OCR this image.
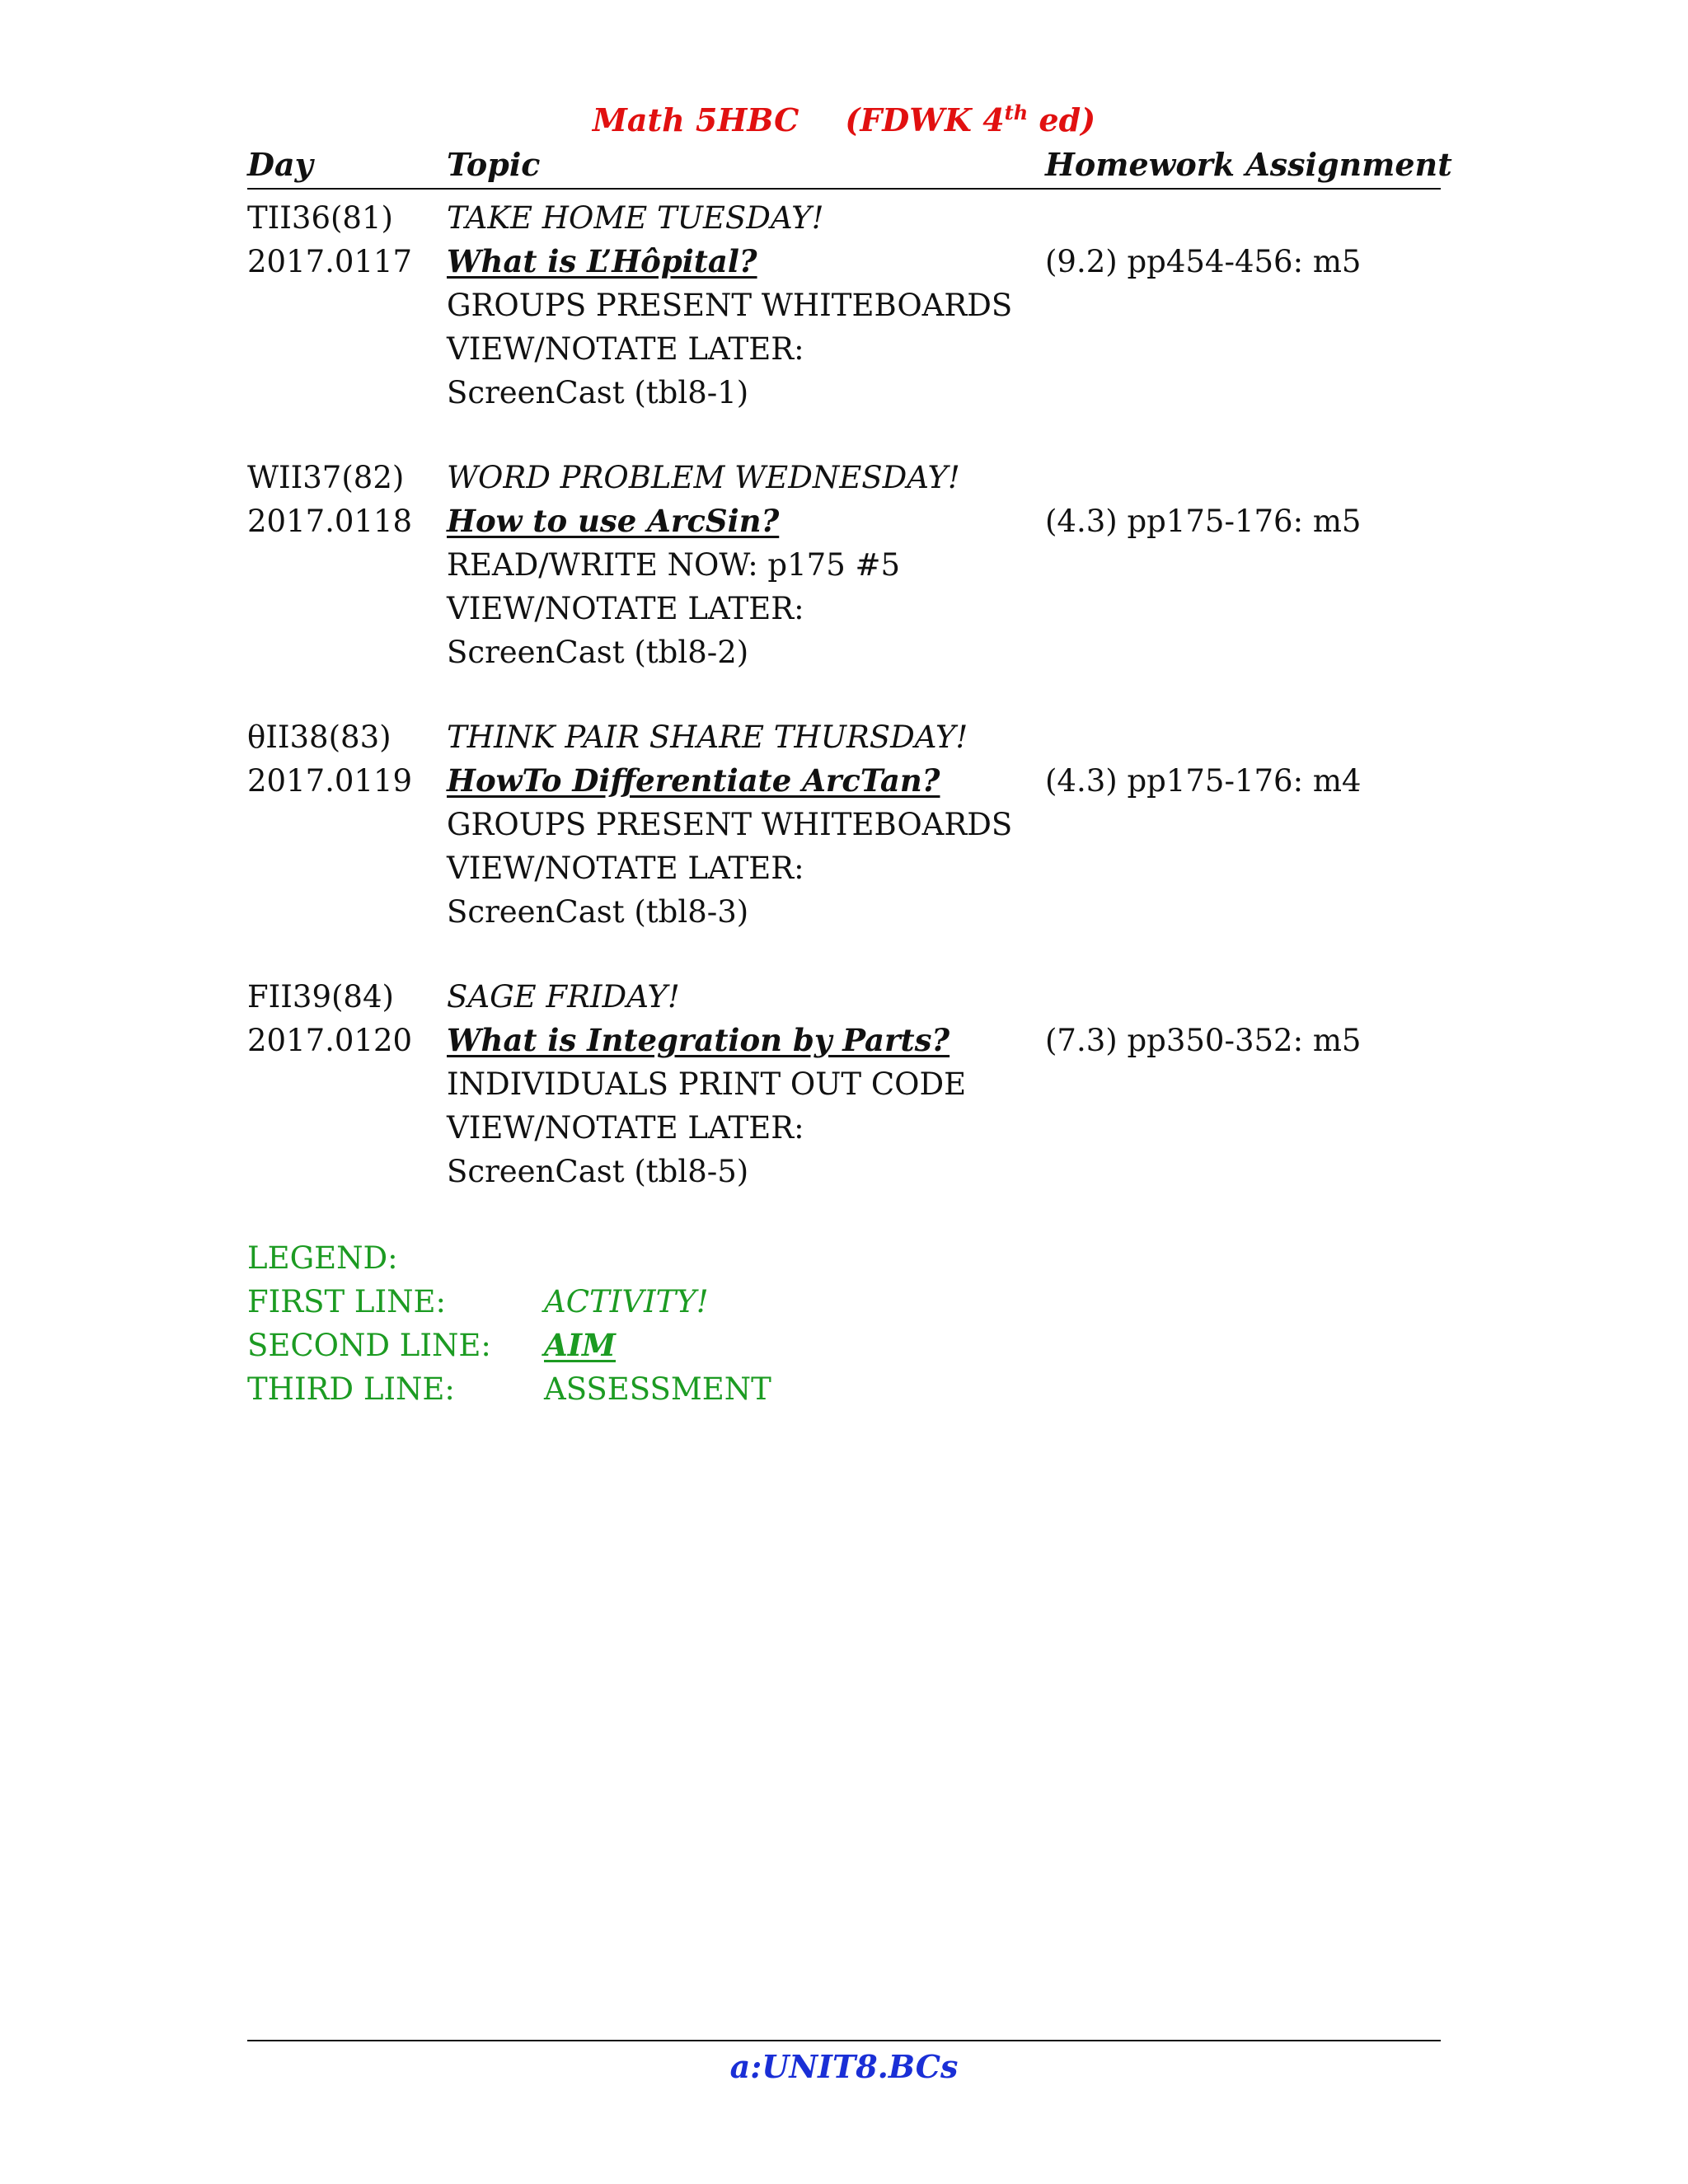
Math 5HBC (FDWK 4th ed)
Day	Topic	Homework Assignment
TII36(81)	TAKE HOME TUESDAY!
2017.0117	What is L’Hôpital?	(9.2) pp454-456: m5
GROUPS PRESENT WHITEBOARDS
VIEW/NOTATE LATER:
ScreenCast (tbl8-1)
WII37(82)	WORD PROBLEM WEDNESDAY!
2017.0118	How to use ArcSin?	(4.3) pp175-176: m5
READ/WRITE NOW: p175 #5
VIEW/NOTATE LATER:
ScreenCast (tbl8-2)
θII38(83)	THINK PAIR SHARE THURSDAY!
2017.0119	HowTo Differentiate ArcTan?	(4.3) pp175-176: m4
GROUPS PRESENT WHITEBOARDS
VIEW/NOTATE LATER:
ScreenCast (tbl8-3)
FII39(84)	SAGE FRIDAY!
2017.0120	What is Integration by Parts?	(7.3) pp350-352: m5
INDIVIDUALS PRINT OUT CODE
VIEW/NOTATE LATER:
ScreenCast (tbl8-5)
LEGEND:
FIRST LINE:	ACTIVITY!
SECOND LINE:	AIM
THIRD LINE:	ASSESSMENT
a:UNIT8.BCs
